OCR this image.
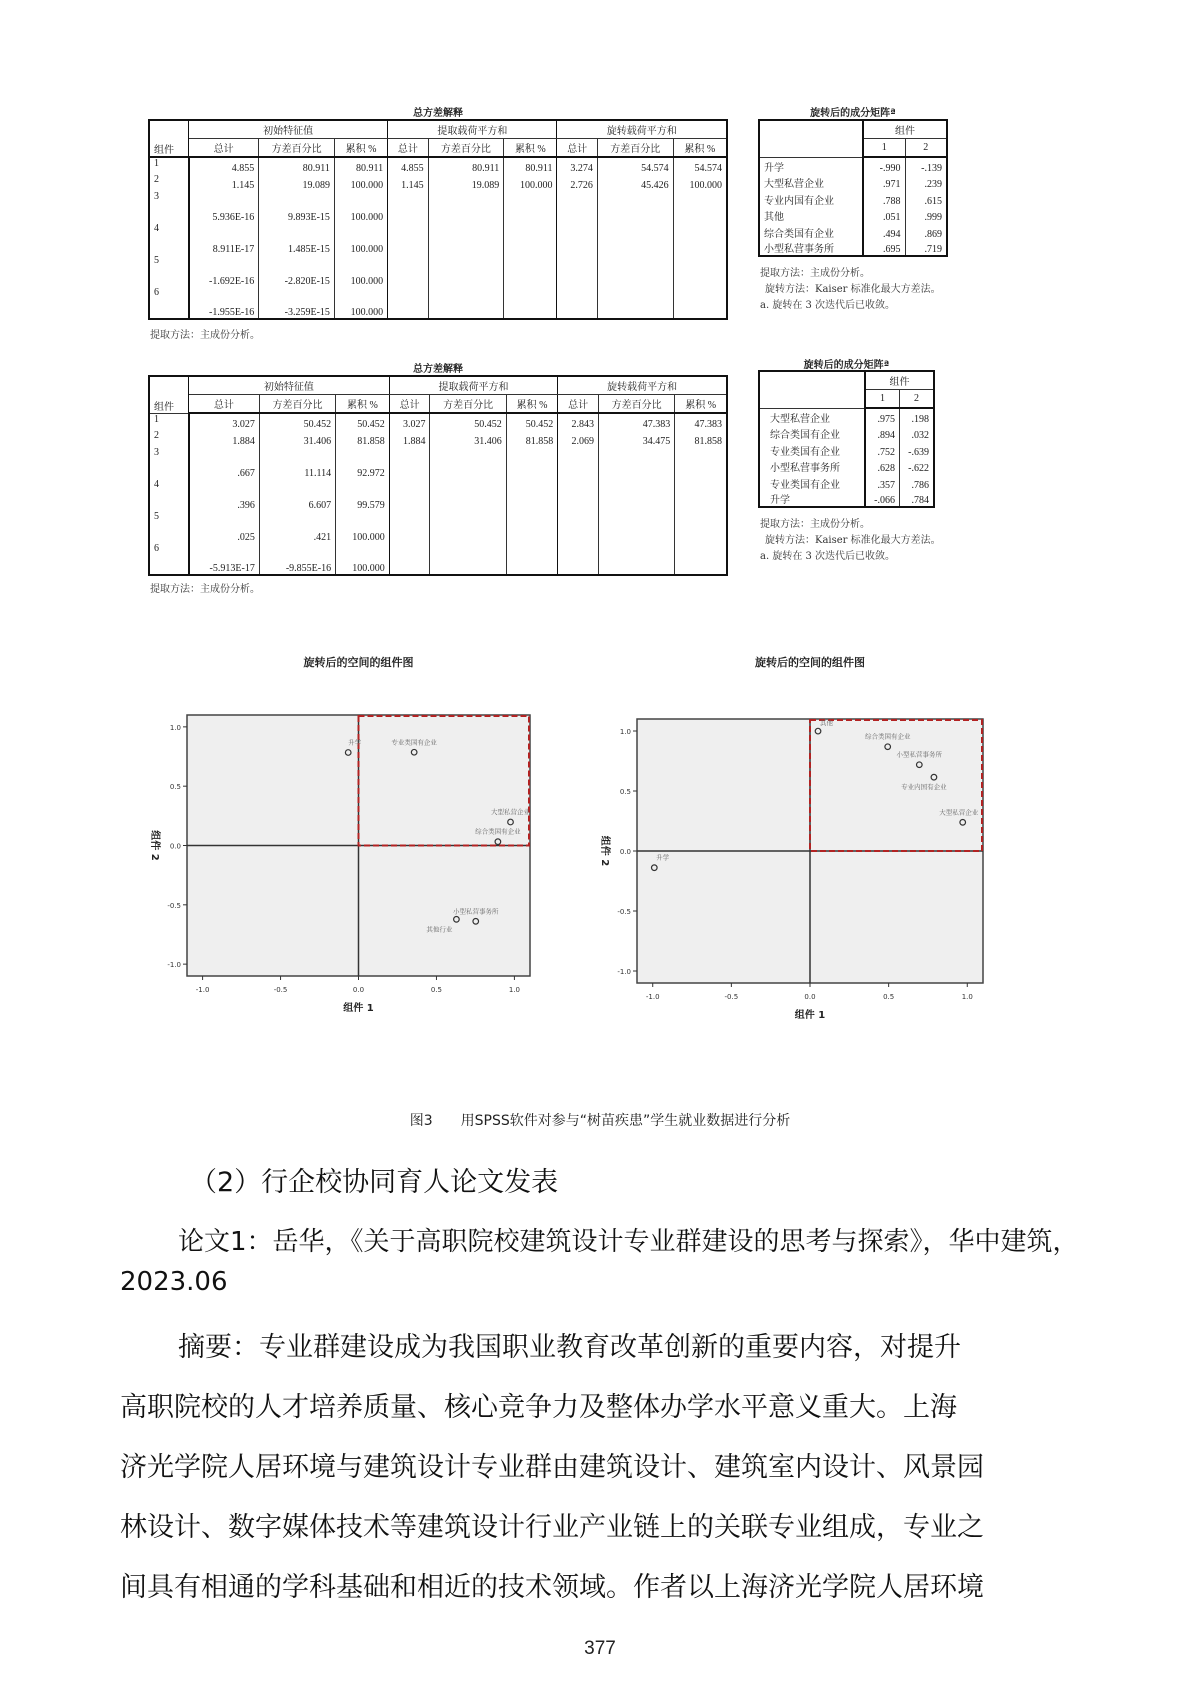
总方差解释
组件	初始特征值			提取载荷平方和			旋转载荷平方和		
	总计	方差百分比	累积 %	总计	方差百分比	累积 %	总计	方差百分比	累积 %
1	4.855	80.911	80.911	4.855	80.911	80.911	3.274	54.574	54.574
2	1.145	19.089	100.000	1.145	19.089	100.000	2.726	45.426	100.000
3	5.936E-16	9.893E-15	100.000						
4	8.911E-17	1.485E-15	100.000						
5	-1.692E-16	-2.820E-15	100.000						
6	-1.955E-16	-3.259E-15	100.000						
提取方法：主成份分析。
旋转后的成分矩阵ª
	组件	
	1	2
升学	-.990	-.139
大型私营企业	.971	.239
专业内国有企业	.788	.615
其他	.051	.999
综合类国有企业	.494	.869
小型私营事务所	.695	.719
提取方法：主成份分析。
旋转方法：Kaiser 标准化最大方差法。
a. 旋转在 3 次迭代后已收敛。
总方差解释
组件	初始特征值			提取载荷平方和			旋转载荷平方和		
	总计	方差百分比	累积 %	总计	方差百分比	累积 %	总计	方差百分比	累积 %
1	3.027	50.452	50.452	3.027	50.452	50.452	2.843	47.383	47.383
2	1.884	31.406	81.858	1.884	31.406	81.858	2.069	34.475	81.858
3	.667	11.114	92.972						
4	.396	6.607	99.579						
5	.025	.421	100.000						
6	-5.913E-17	-9.855E-16	100.000						
提取方法：主成份分析。
旋转后的成分矩阵ª
	组件	
	1	2
大型私营企业	.975	.198
综合类国有企业	.894	.032
专业类国有企业	.752	-.639
小型私营事务所	.628	-.622
专业类国有企业	.357	.786
升学	-.066	.784
提取方法：主成份分析。
旋转方法：Kaiser 标准化最大方差法。
a. 旋转在 3 次迭代后已收敛。
旋转后的空间的组件图
-1.0	-0.5	0.0	0.5	1.0
1.0
0.5
0.0
-0.5
-1.0
组件 1
组件 2
升学	专业类国有企业
大型私营企业
综合类国有企业
小型私营事务所
其他行业
旋转后的空间的组件图
-1.0	-0.5	0.0	0.5	1.0
1.0
0.5
0.0
-0.5
-1.0
组件 1
组件 2
其他
综合类国有企业
小型私营事务所
专业内国有企业
大型私营企业
升学
图3 用SPSS软件对参与“树苗疾患”学生就业数据进行分析
（2）行企校协同育人论文发表
论文1：岳华，《关于高职院校建筑设计专业群建设的思考与探索》，华中建筑，2023.06
摘要：专业群建设成为我国职业教育改革创新的重要内容，对提升
高职院校的人才培养质量、核心竞争力及整体办学水平意义重大。上海
济光学院人居环境与建筑设计专业群由建筑设计、建筑室内设计、风景园
林设计、数字媒体技术等建筑设计行业产业链上的关联专业组成，专业之
间具有相通的学科基础和相近的技术领域。作者以上海济光学院人居环境
377
